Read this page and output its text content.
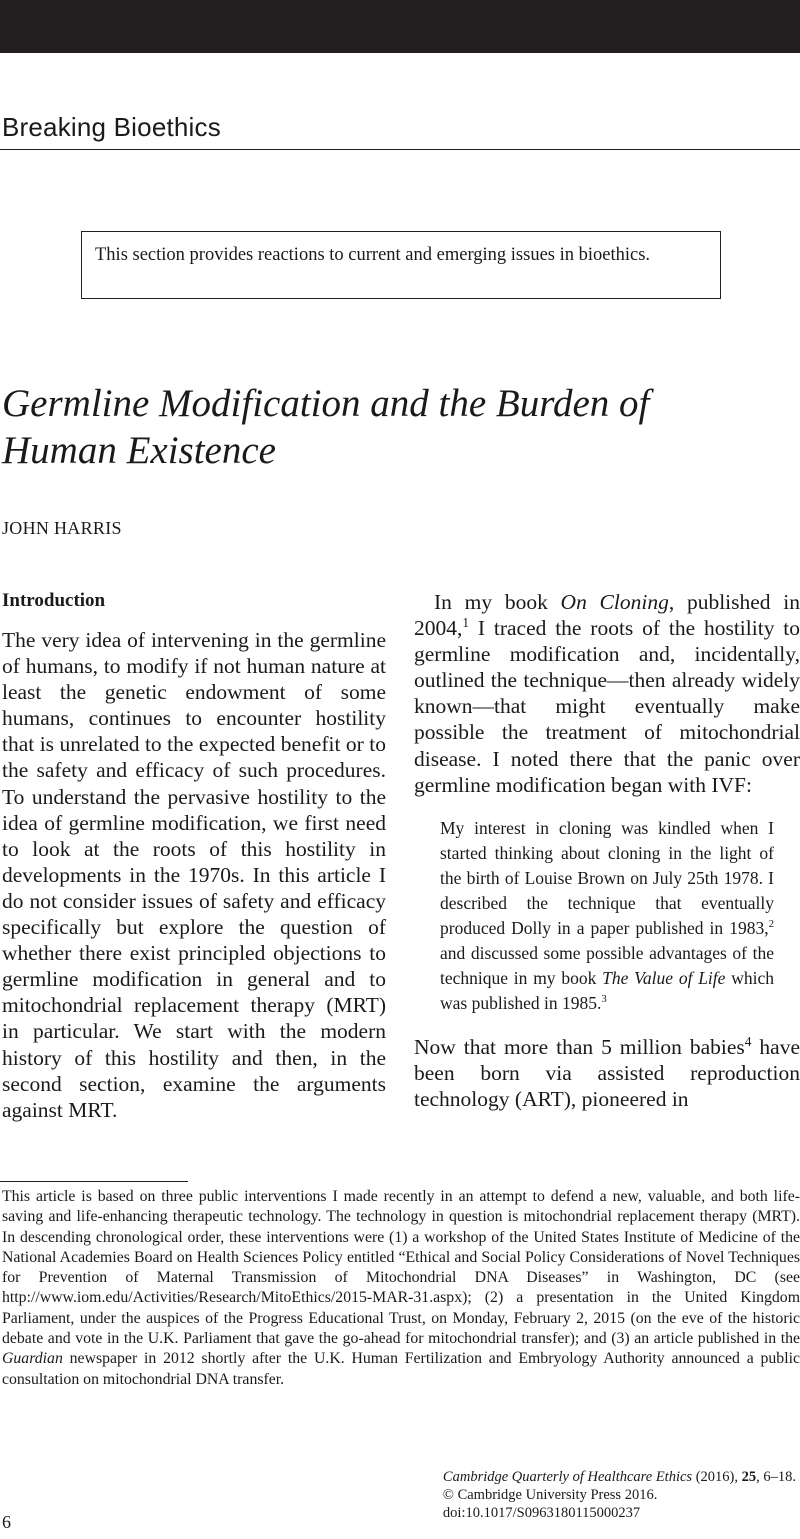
Breaking Bioethics
This section provides reactions to current and emerging issues in bioethics.
Germline Modification and the Burden of Human Existence
JOHN HARRIS
Introduction

The very idea of intervening in the germline of humans, to modify if not human nature at least the genetic endowment of some humans, continues to encounter hostility that is unrelated to the expected benefit or to the safety and efficacy of such procedures. To understand the pervasive hostility to the idea of germline modification, we first need to look at the roots of this hostility in developments in the 1970s. In this article I do not consider issues of safety and efficacy specifically but explore the question of whether there exist principled objections to germline modification in general and to mitochondrial replacement therapy (MRT) in particular. We start with the modern history of this hostility and then, in the second section, examine the arguments against MRT.

In my book On Cloning, published in 2004,$^1$ I traced the roots of the hostility to germline modification and, incidentally, outlined the technique—then already widely known—that might eventually make possible the treatment of mitochondrial disease. I noted there that the panic over germline modification began with IVF:

My interest in cloning was kindled when I started thinking about cloning in the light of the birth of Louise Brown on July 25th 1978. I described the technique that eventually produced Dolly in a paper published in 1983,$^2$ and discussed some possible advantages of the technique in my book The Value of Life which was published in 1985.$^3$

Now that more than 5 million babies$^4$ have been born via assisted reproduction technology (ART), pioneered in

This article is based on three public interventions I made recently in an attempt to defend a new, valuable, and both life-saving and life-enhancing therapeutic technology. The technology in question is mitochondrial replacement therapy (MRT). In descending chronological order, these interventions were (1) a workshop of the United States Institute of Medicine of the National Academies Board on Health Sciences Policy entitled “Ethical and Social Policy Considerations of Novel Techniques for Prevention of Maternal Transmission of Mitochondrial DNA Diseases” in Washington, DC (see http://www.iom.edu/Activities/Research/MitoEthics/2015-MAR-31.aspx); (2) a presentation in the United Kingdom Parliament, under the auspices of the Progress Educational Trust, on Monday, February 2, 2015 (on the eve of the historic debate and vote in the U.K. Parliament that gave the go-ahead for mitochondrial transfer); and (3) an article published in the Guardian newspaper in 2012 shortly after the U.K. Human Fertilization and Embryology Authority announced a public consultation on mitochondrial DNA transfer.

6
Cambridge Quarterly of Healthcare Ethics (2016), 25, 6–18.
© Cambridge University Press 2016.
doi:10.1017/S0963180115000237
